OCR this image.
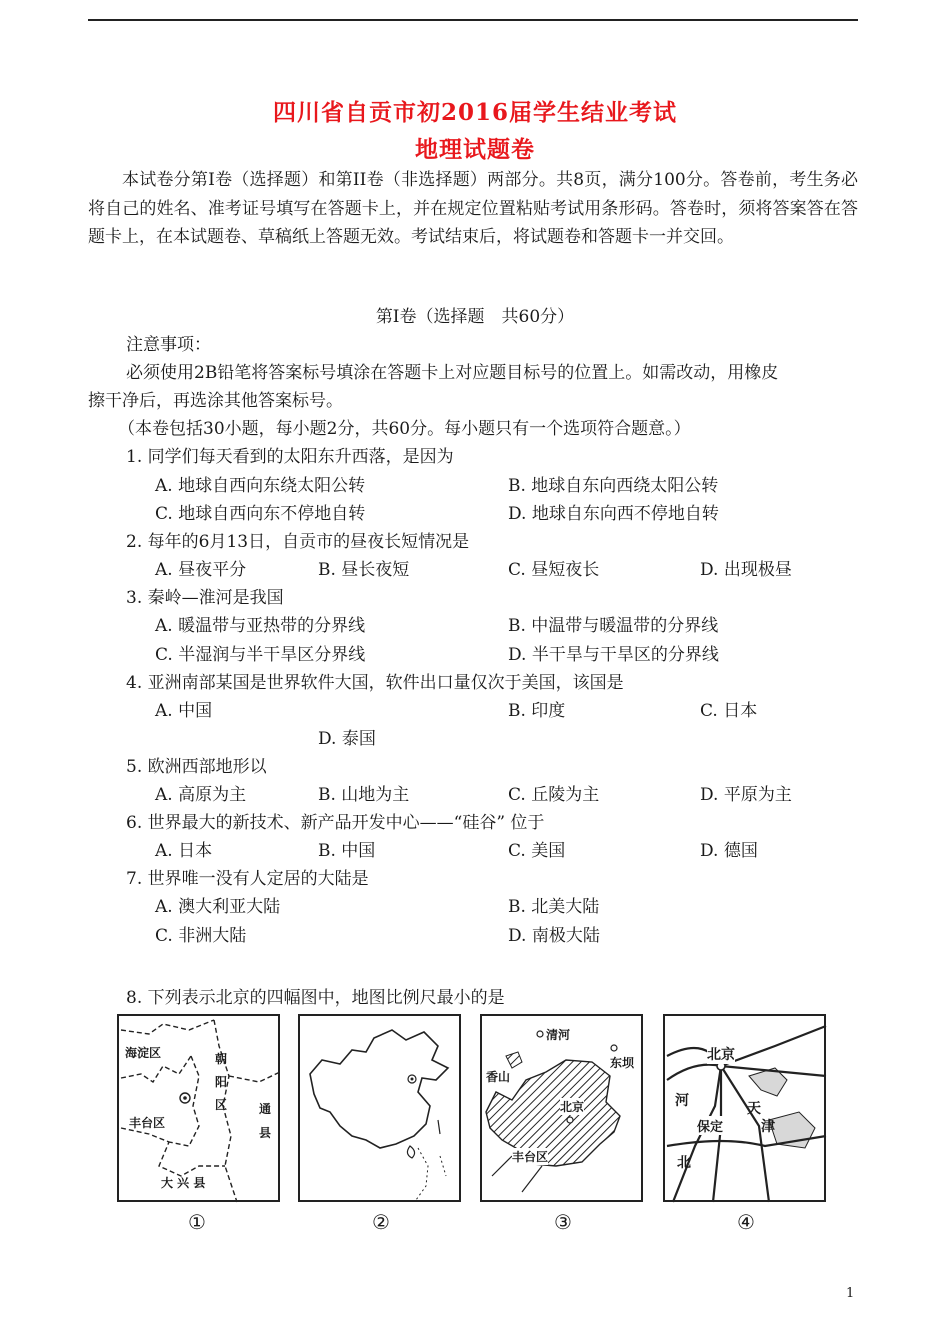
四川省自贡市初2016届学生结业考试
地理试题卷
本试卷分第I卷（选择题）和第II卷（非选择题）两部分。共8页，满分100分。答卷前，考生务必将自己的姓名、准考证号填写在答题卡上，并在规定位置粘贴考试用条形码。答卷时，须将答案答在答题卡上，在本试题卷、草稿纸上答题无效。考试结束后，将试题卷和答题卡一并交回。
第I卷（选择题　共60分）
注意事项：
必须使用2B铅笔将答案标号填涂在答题卡上对应题目标号的位置上。如需改动，用橡皮
擦干净后，再选涂其他答案标号。
（本卷包括30小题，每小题2分，共60分。每小题只有一个选项符合题意。）
1. 同学们每天看到的太阳东升西落，是因为
A. 地球自西向东绕太阳公转	B. 地球自东向西绕太阳公转
C. 地球自西向东不停地自转	D. 地球自东向西不停地自转
2. 每年的6月13日，自贡市的昼夜长短情况是
A. 昼夜平分	B. 昼长夜短	C. 昼短夜长	D. 出现极昼
3. 秦岭—淮河是我国
A. 暖温带与亚热带的分界线	B. 中温带与暖温带的分界线
C. 半湿润与半干旱区分界线	D. 半干旱与干旱区的分界线
4. 亚洲南部某国是世界软件大国，软件出口量仅次于美国，该国是
A. 中国	B. 印度	C. 日本
D. 泰国
5. 欧洲西部地形以
A. 高原为主	B. 山地为主	C. 丘陵为主	D. 平原为主
6. 世界最大的新技术、新产品开发中心——“硅谷” 位于
A. 日本	B. 中国	C. 美国	D. 德国
7. 世界唯一没有人定居的大陆是
A. 澳大利亚大陆	B. 北美大陆
C. 非洲大陆	D. 南极大陆
8. 下列表示北京的四幅图中，地图比例尺最小的是
海淀区	朝
阳
区	通
县
丰台区
大 兴 县
清河
东坝
香山
北京
丰台区
北京
河	天
津
保定
北
①	②	③	④
1
